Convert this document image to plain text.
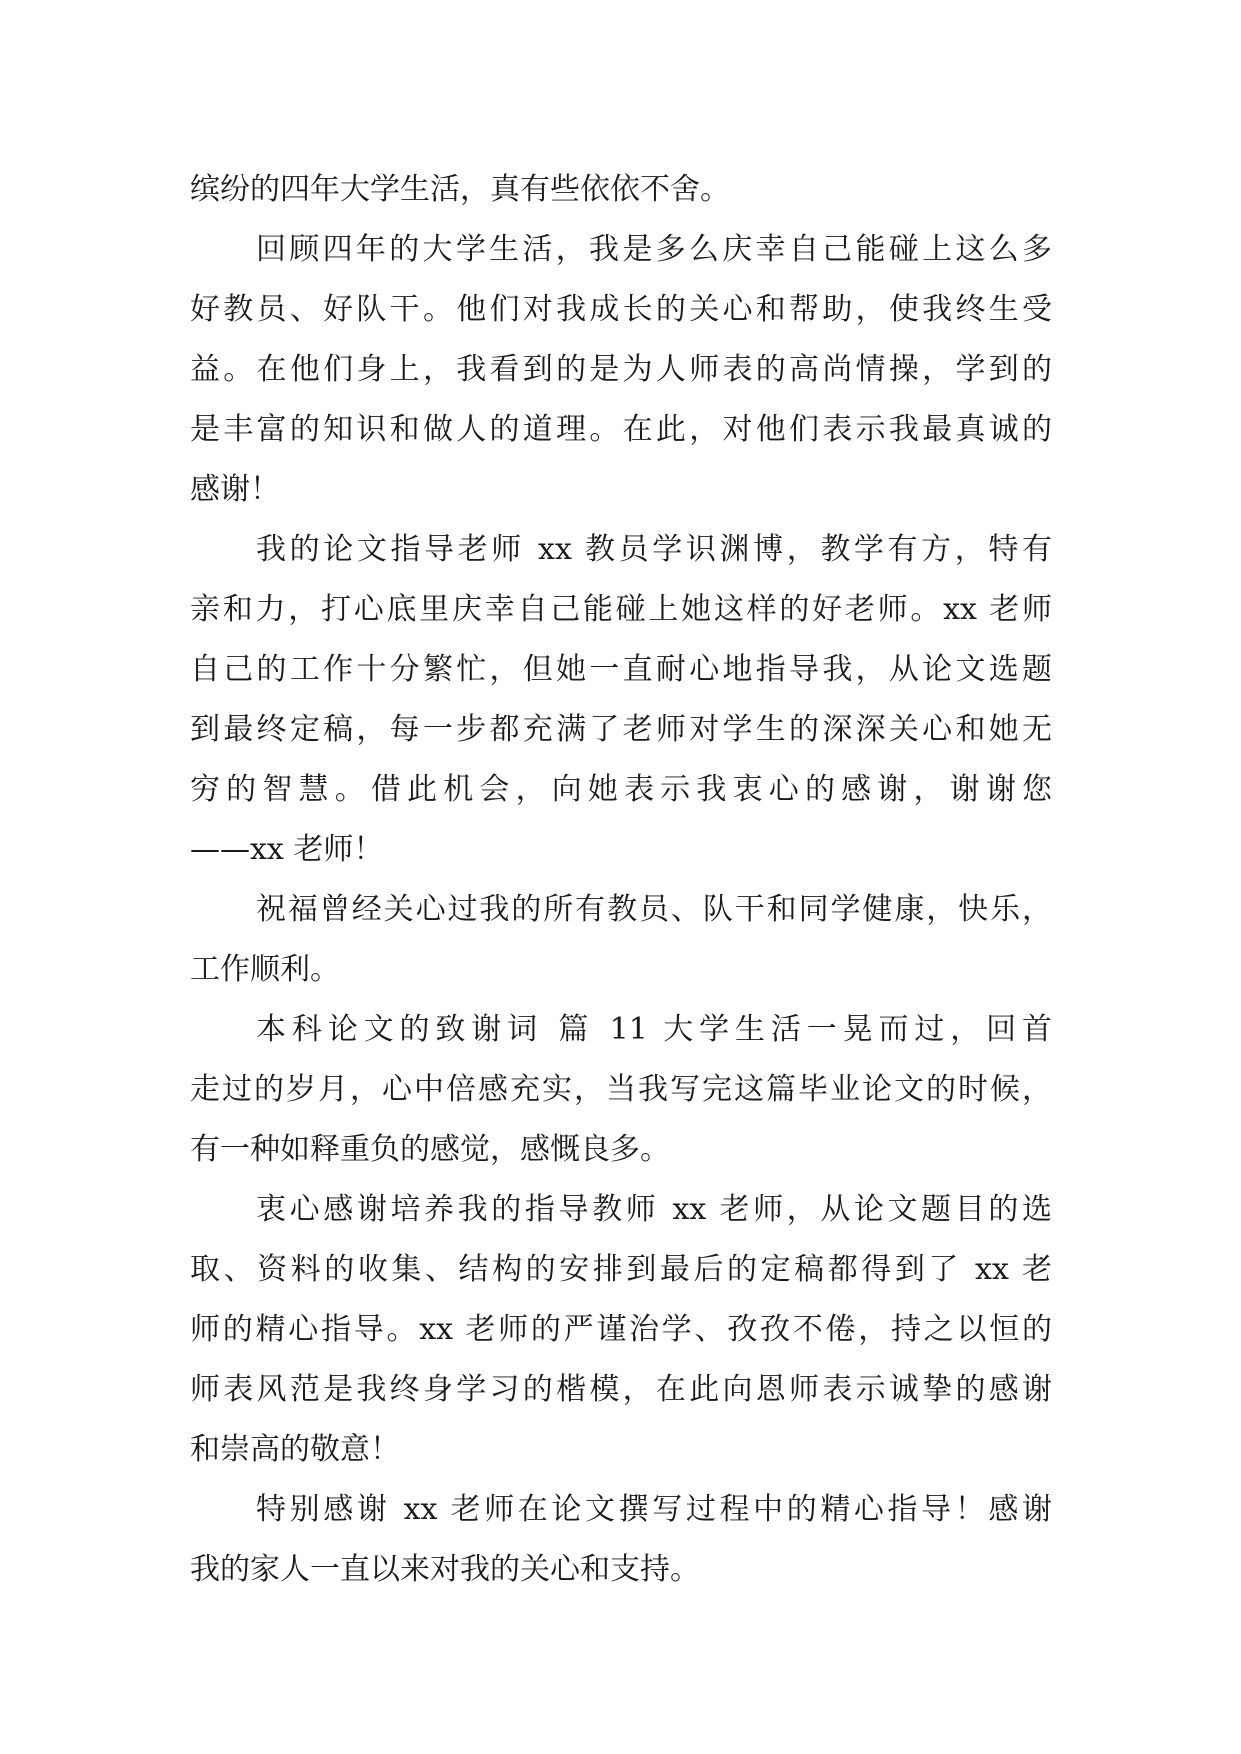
缤纷的四年大学生活，真有些依依不舍。
回顾四年的大学生活，我是多么庆幸自己能碰上这么多
好教员、好队干。他们对我成长的关心和帮助，使我终生受
益。在他们身上，我看到的是为人师表的高尚情操，学到的
是丰富的知识和做人的道理。在此，对他们表示我最真诚的
感谢！
我的论文指导老师 xx 教员学识渊博，教学有方，特有
亲和力，打心底里庆幸自己能碰上她这样的好老师。xx 老师
自己的工作十分繁忙，但她一直耐心地指导我，从论文选题
到最终定稿，每一步都充满了老师对学生的深深关心和她无
穷的智慧。借此机会，向她表示我衷心的感谢，谢谢您
——xx 老师！
祝福曾经关心过我的所有教员、队干和同学健康，快乐，
工作顺利。
本科论文的致谢词 篇 11 大学生活一晃而过，回首
走过的岁月，心中倍感充实，当我写完这篇毕业论文的时候，
有一种如释重负的感觉，感慨良多。
衷心感谢培养我的指导教师 xx 老师，从论文题目的选
取、资料的收集、结构的安排到最后的定稿都得到了 xx 老
师的精心指导。xx 老师的严谨治学、孜孜不倦，持之以恒的
师表风范是我终身学习的楷模，在此向恩师表示诚挚的感谢
和崇高的敬意！
特别感谢 xx 老师在论文撰写过程中的精心指导！感谢
我的家人一直以来对我的关心和支持。
